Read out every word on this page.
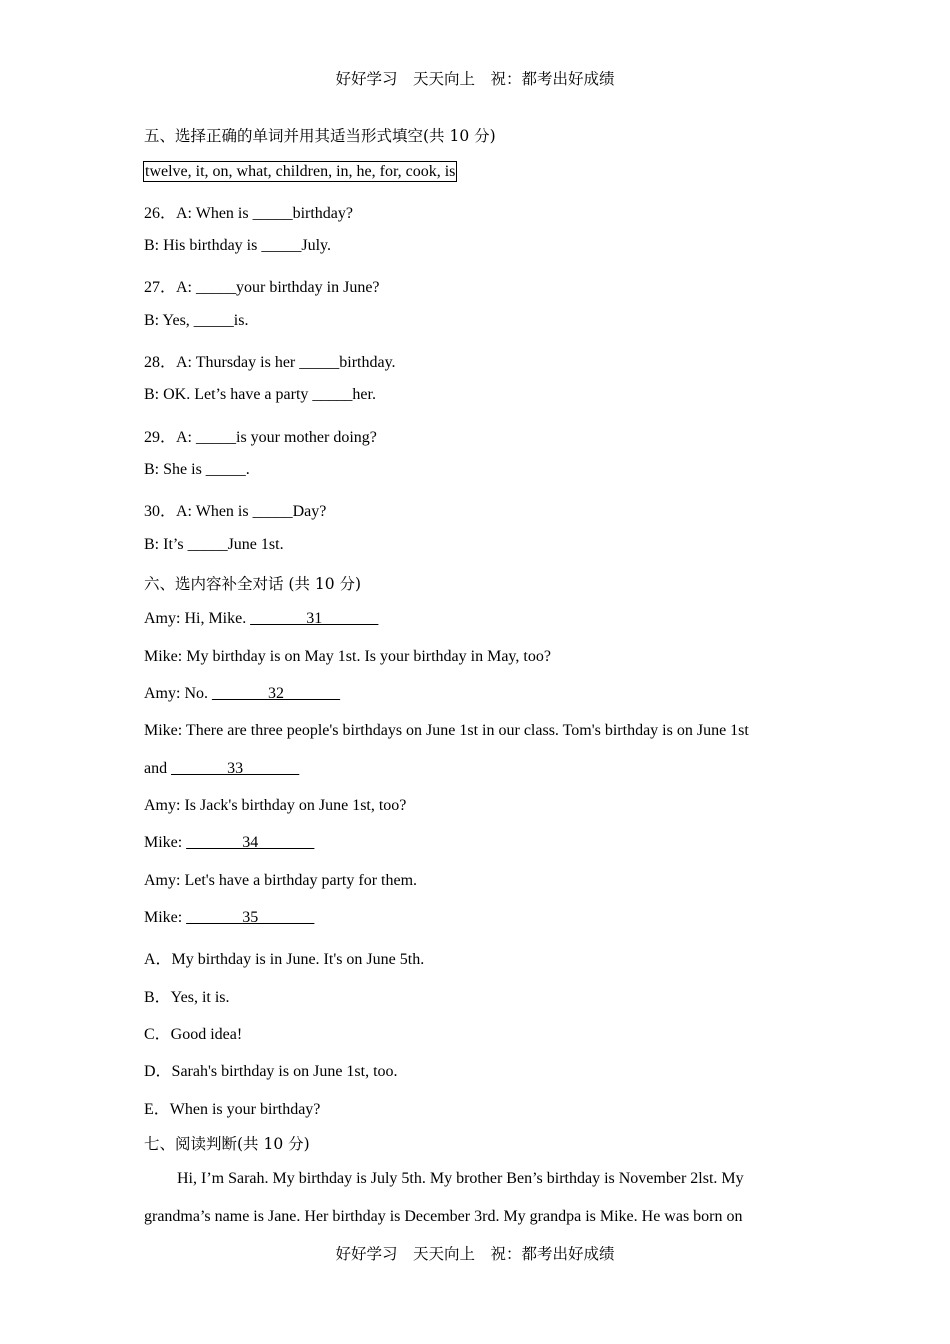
好好学习　天天向上　祝：都考出好成绩
五、选择正确的单词并用其适当形式填空(共 10 分)
twelve, it, on, what, children, in, he, for, cook, is
26．A: When is _____birthday?
B: His birthday is _____July.
27．A: _____your birthday in June?
B: Yes, _____is.
28．A: Thursday is her _____birthday.
B: OK. Let’s have a party _____her.
29．A: _____is your mother doing?
B: She is _____.
30．A: When is _____Day?
B: It’s _____June 1st.
六、选内容补全对话 (共 10 分)
Amy: Hi, Mike. _______31_______
Mike: My birthday is on May 1st. Is your birthday in May, too?
Amy: No. _______32_______
Mike: There are three people's birthdays on June 1st in our class. Tom's birthday is on June 1st
and _______33_______
Amy: Is Jack's birthday on June 1st, too?
Mike: _______34_______
Amy: Let's have a birthday party for them.
Mike: _______35_______
A．My birthday is in June. It's on June 5th.
B．Yes, it is.
C．Good idea!
D．Sarah's birthday is on June 1st, too.
E．When is your birthday?
七、阅读判断(共 10 分)
Hi, I’m Sarah. My birthday is July 5th. My brother Ben’s birthday is November 2lst. My
grandma’s name is Jane. Her birthday is December 3rd. My grandpa is Mike. He was born on
好好学习　天天向上　祝：都考出好成绩
